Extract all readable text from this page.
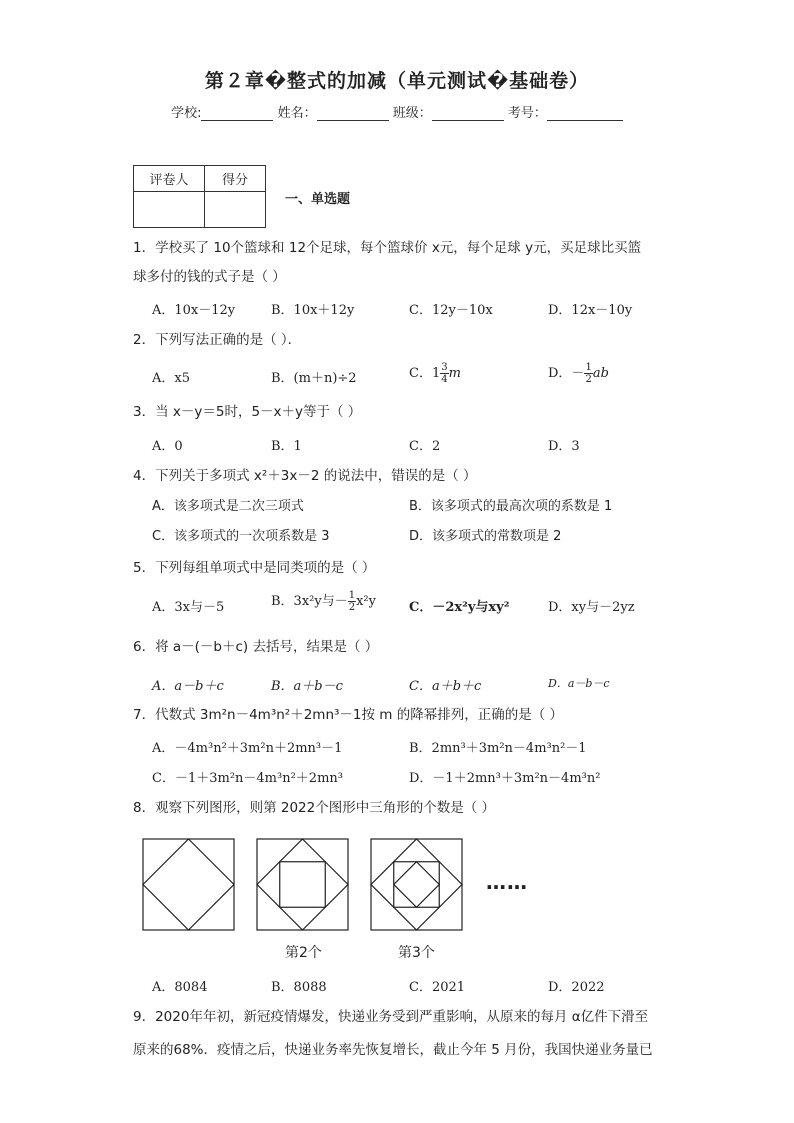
第２章�整式的加减（单元测试�基础卷）
学校:	姓名：	班级：	考号：
评卷人	得分

一、单选题
1．学校买了 10个篮球和 12个足球，每个篮球价 x元，每个足球 y元，买足球比买篮
球多付的钱的式子是（ ）
A．10x－12y	B．10x＋12y	C．12y－10x	D．12x－10y
2．下列写法正确的是（ ）．
A．x5	B．(m＋n)÷2	C．$1 \frac{3}{4}$ m	D．－ $\frac{1}{2}$ ab
3．当 x－y＝5时，5－x＋y等于（ ）
A．0	B．1	C．2	D．3
4．下列关于多项式 x²＋3x－2 的说法中，错误的是（ ）
A．该多项式是二次三项式	B．该多项式的最高次项的系数是 1
C．该多项式的一次项系数是 3	D．该多项式的常数项是 2
5．下列每组单项式中是同类项的是（ ）
A．3x与－5	B．3x²y与－ $\frac{1}{2} x^2y$	C．－2x²y与xy²	D．xy与－2yz
6．将 a－(－b＋c) 去括号，结果是（ ）
A．a－b＋c	B．a＋b－c	C．a＋b＋c	D．a－b－c
7．代数式 3m²n－4m³n²＋2mn³－1按 m 的降幂排列，正确的是（ ）
A．－4m³n²＋3m²n＋2mn³－1	B．2mn³＋3m²n－4m³n²－1
C．－1＋3m²n－4m³n²＋2mn³	D．－1＋2mn³＋3m²n－4m³n²
8．观察下列图形，则第 2022个图形中三角形的个数是（ ）
……
第2个	第3个
A．8084	B．8088	C．2021	D．2022
9．2020年年初，新冠疫情爆发，快递业务受到严重影响，从原来的每月 α亿件下滑至
原来的68%．疫情之后，快递业务率先恢复增长，截止今年 5 月份，我国快递业务量已
